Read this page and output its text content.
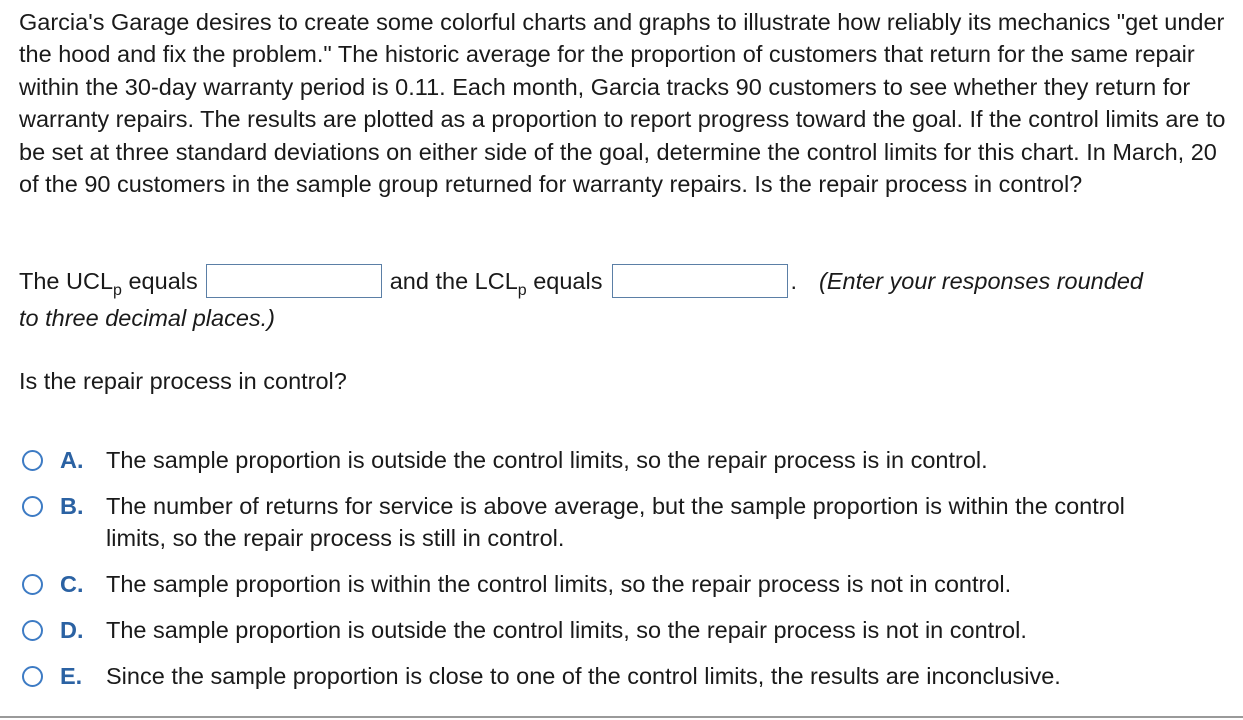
Garcia's Garage desires to create some colorful charts and graphs to illustrate how reliably its mechanics "get under the hood and fix the problem." The historic average for the proportion of customers that return for the same repair within the 30-day warranty period is 0.11. Each month, Garcia tracks 90 customers to see whether they return for warranty repairs. The results are plotted as a proportion to report progress toward the goal. If the control limits are to be set at three standard deviations on either side of the goal, determine the control limits for this chart. In March, 20 of the 90 customers in the sample group returned for warranty repairs. Is the repair process in control?

The $UCL_p$ equals	and the $LCL_p$ equals	. (Enter your responses rounded
to three decimal places.)
Is the repair process in control?
A. The sample proportion is outside the control limits, so the repair process is in control.
B. The number of returns for service is above average, but the sample proportion is within the control limits, so the repair process is still in control.
C. The sample proportion is within the control limits, so the repair process is not in control.
D. The sample proportion is outside the control limits, so the repair process is not in control.
E.	Since the sample proportion is close to one of the control limits, the results are inconclusive.
